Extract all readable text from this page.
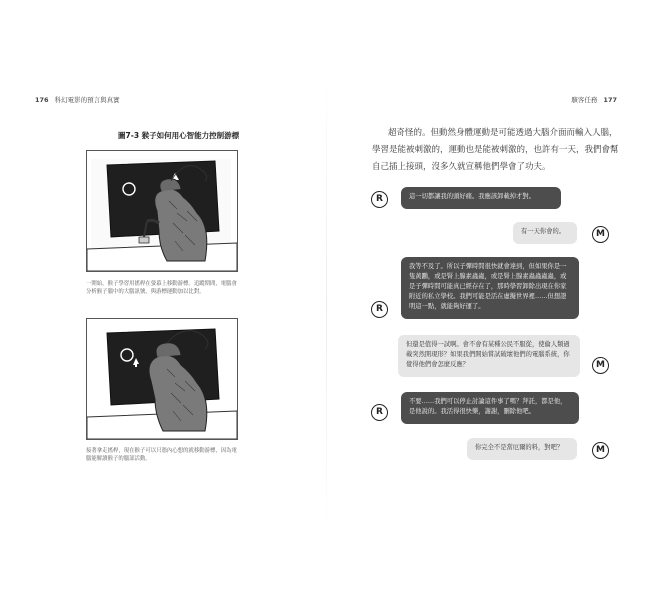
176 科幻電影的預言與真實
圖7-3 猴子如何用心智能力控制游標
一開始，猴子學習用搖桿在螢幕上移動游標。追蹤期間，電腦會分析猴子腦中的大腦訊號，與游標運動加以比對。
接著拿走搖桿，現在猴子可以只憑內心想的就移動游標，因為電腦能解讀猴子的腦部活動。
駭客任務 177
超奇怪的。但動然身體運動是可能透過大腦介面而輸入人腦，學習是能被刺激的，運動也是能被刺激的，也許有一天，我們會幫自己插上接頭，沒多久就宣稱他們學會了功夫。
R	這一切都讓我的頭好痛。我應該卸載掉才對。
有一天你會的。	M
R
我等不及了。所以子彈時間很快就會達到，但如果你是一隻黃鸝，或是腎上腺素蟲蟲，或是腎上腺素蟲蟲蟲蟲，或是子彈時間可能真已經存在了，那時學習卸除出現在你家附近的私立學校。我們可能是活在虛擬世界裡……但想證明這一點，就能夠好運了。
但還是值得一試啊。會不會有某種公民不服從，使倫人類過載突然開現形？如果我們開始嘗試破壞他們的電腦系統，你覺得他們會怎麼反應？	M
R
不要……我們可以停止討論這件事了嗎？拜託，都是他，是他說的。我活得很快樂，謝謝，刪除他吧。
你完全不是當厄爾的料，對吧？	M
